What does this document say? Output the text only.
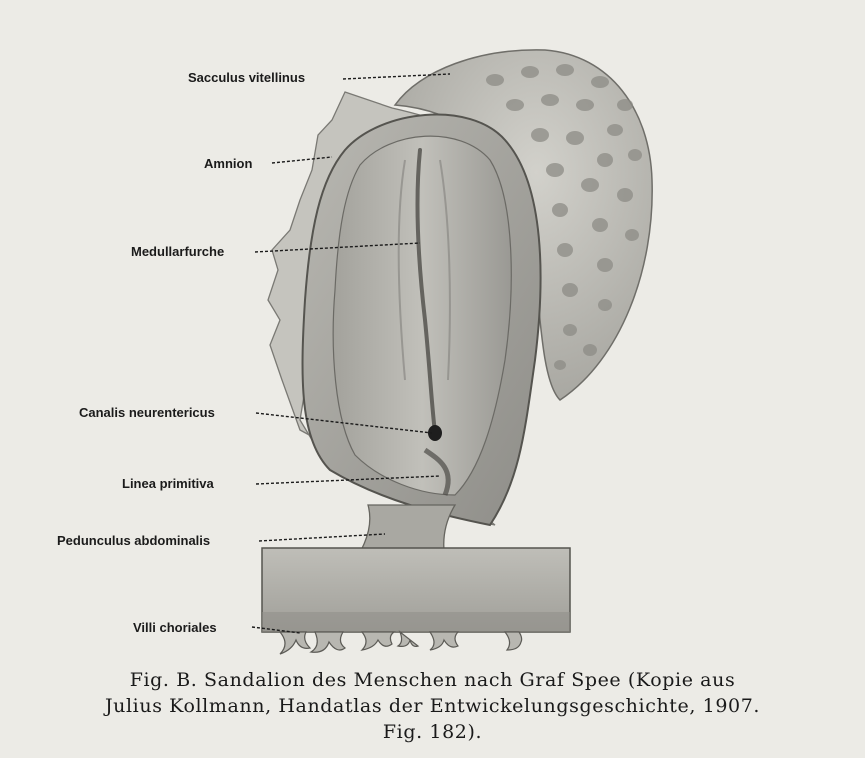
Sacculus vitellinus
Amnion
Medullarfurche
Canalis neurentericus
Linea primitiva
Pedunculus abdominalis
Villi choriales
Fig. B. Sandalion des Menschen nach Graf Spee (Kopie aus
Julius Kollmann, Handatlas der Entwickelungsgeschichte, 1907.
Fig. 182).
